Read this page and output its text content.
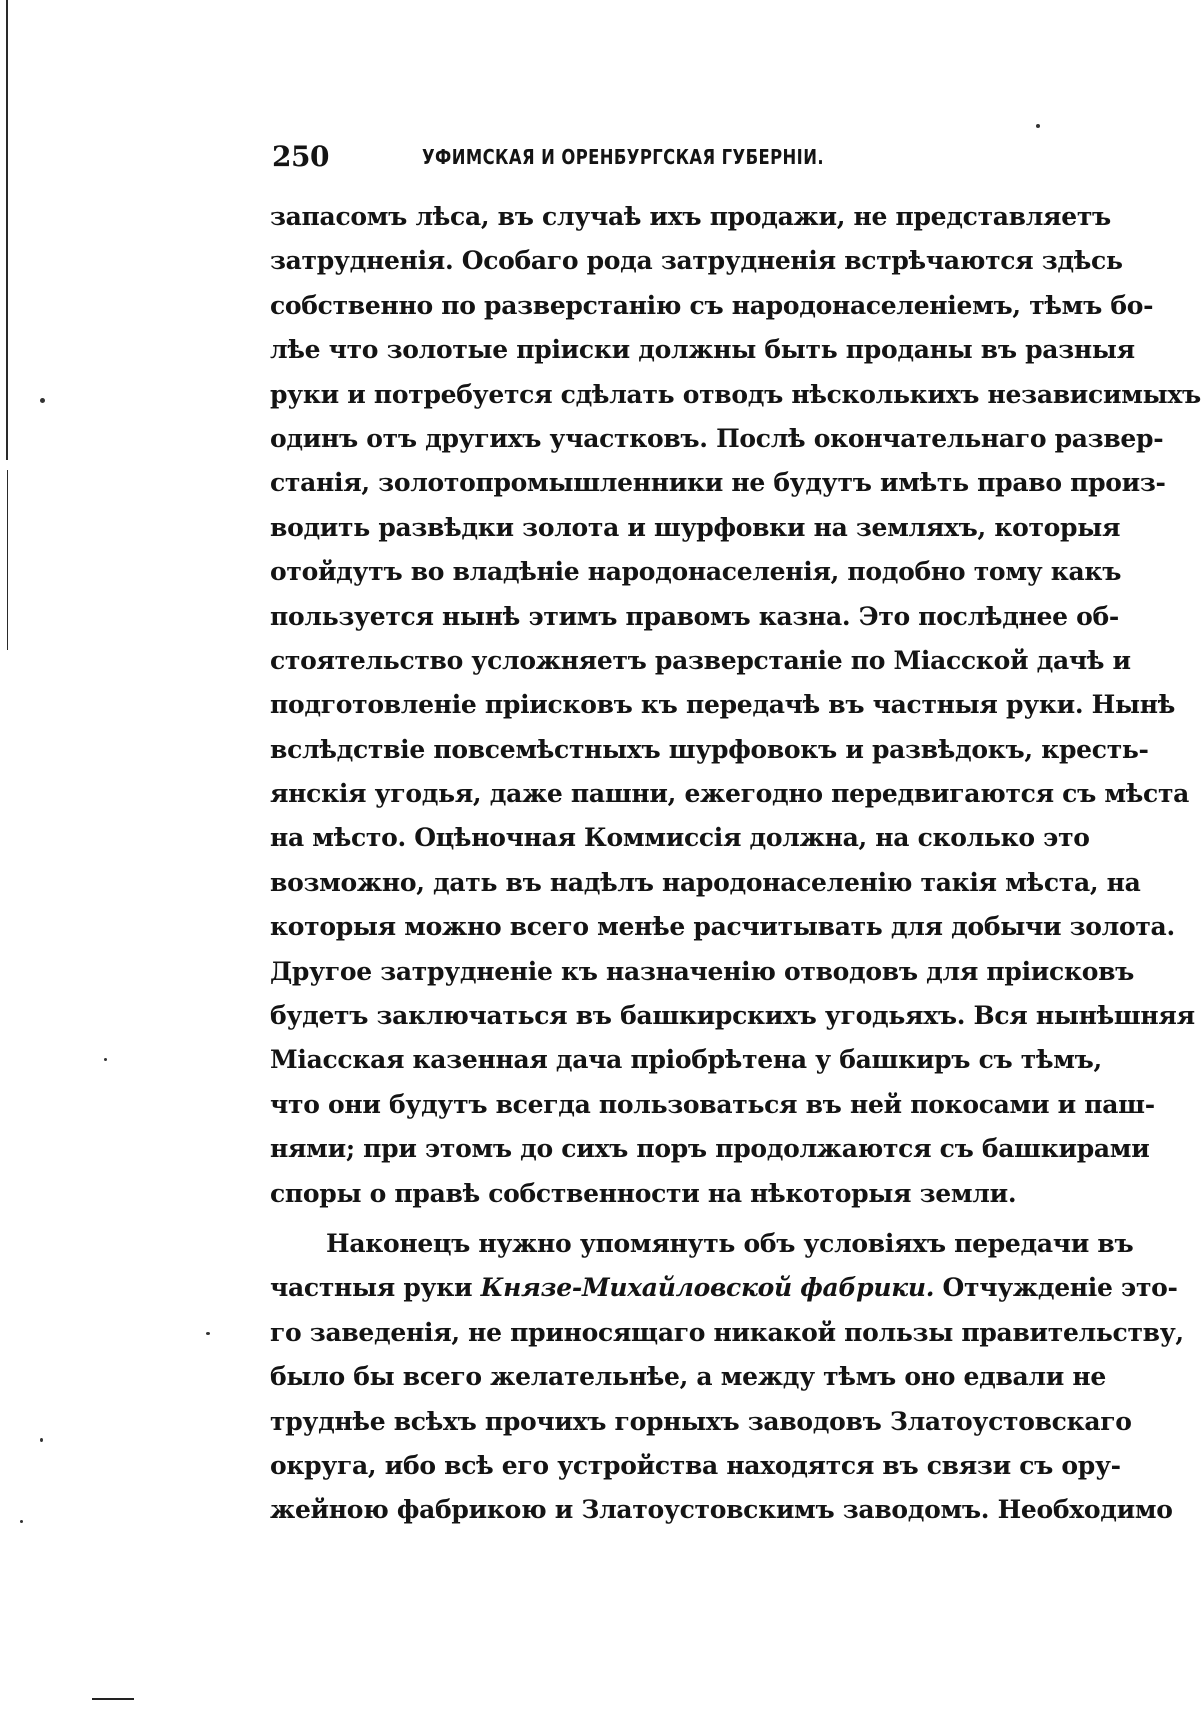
250	УФИМСКАЯ И ОРЕНБУРГСКАЯ ГУБЕРНІИ.
запасомъ лѣса, въ случаѣ ихъ продажи, не представляетъ
затрудненія. Особаго рода затрудненія встрѣчаются здѣсь
собственно по разверстанію съ народонаселеніемъ, тѣмъ бо-
лѣе что золотые пріиски должны быть проданы въ разныя
руки и потребуется сдѣлать отводъ нѣсколькихъ независимыхъ
одинъ отъ другихъ участковъ. Послѣ окончательнаго развер-
станія, золотопромышленники не будутъ имѣть право произ-
водить развѣдки золота и шурфовки на земляхъ, которыя
отойдутъ во владѣніе народонаселенія, подобно тому какъ
пользуется нынѣ этимъ правомъ казна. Это послѣднее об-
стоятельство усложняетъ разверстаніе по Міасской дачѣ и
подготовленіе пріисковъ къ передачѣ въ частныя руки. Нынѣ
вслѣдствіе повсемѣстныхъ шурфовокъ и развѣдокъ, кресть-
янскія угодья, даже пашни, ежегодно передвигаются съ мѣста
на мѣсто. Оцѣночная Коммиссія должна, на сколько это
возможно, дать въ надѣлъ народонаселенію такія мѣста, на
которыя можно всего менѣе расчитывать для добычи золота.
Другое затрудненіе къ назначенію отводовъ для пріисковъ
будетъ заключаться въ башкирскихъ угодьяхъ. Вся нынѣшняя
Міасская казенная дача пріобрѣтена у башкиръ съ тѣмъ,
что они будутъ всегда пользоваться въ ней покосами и паш-
нями; при этомъ до сихъ поръ продолжаются съ башкирами
споры о правѣ собственности на нѣкоторыя земли.
Наконецъ нужно упомянуть объ условіяхъ передачи въ
частныя руки Князе-Михайловской фабрики. Отчужденіе это-
го заведенія, не приносящаго никакой пользы правительству,
было бы всего желательнѣе, а между тѣмъ оно едвали не
труднѣе всѣхъ прочихъ горныхъ заводовъ Златоустовскаго
округа, ибо всѣ его устройства находятся въ связи съ ору-
жейною фабрикою и Златоустовскимъ заводомъ. Необходимо
